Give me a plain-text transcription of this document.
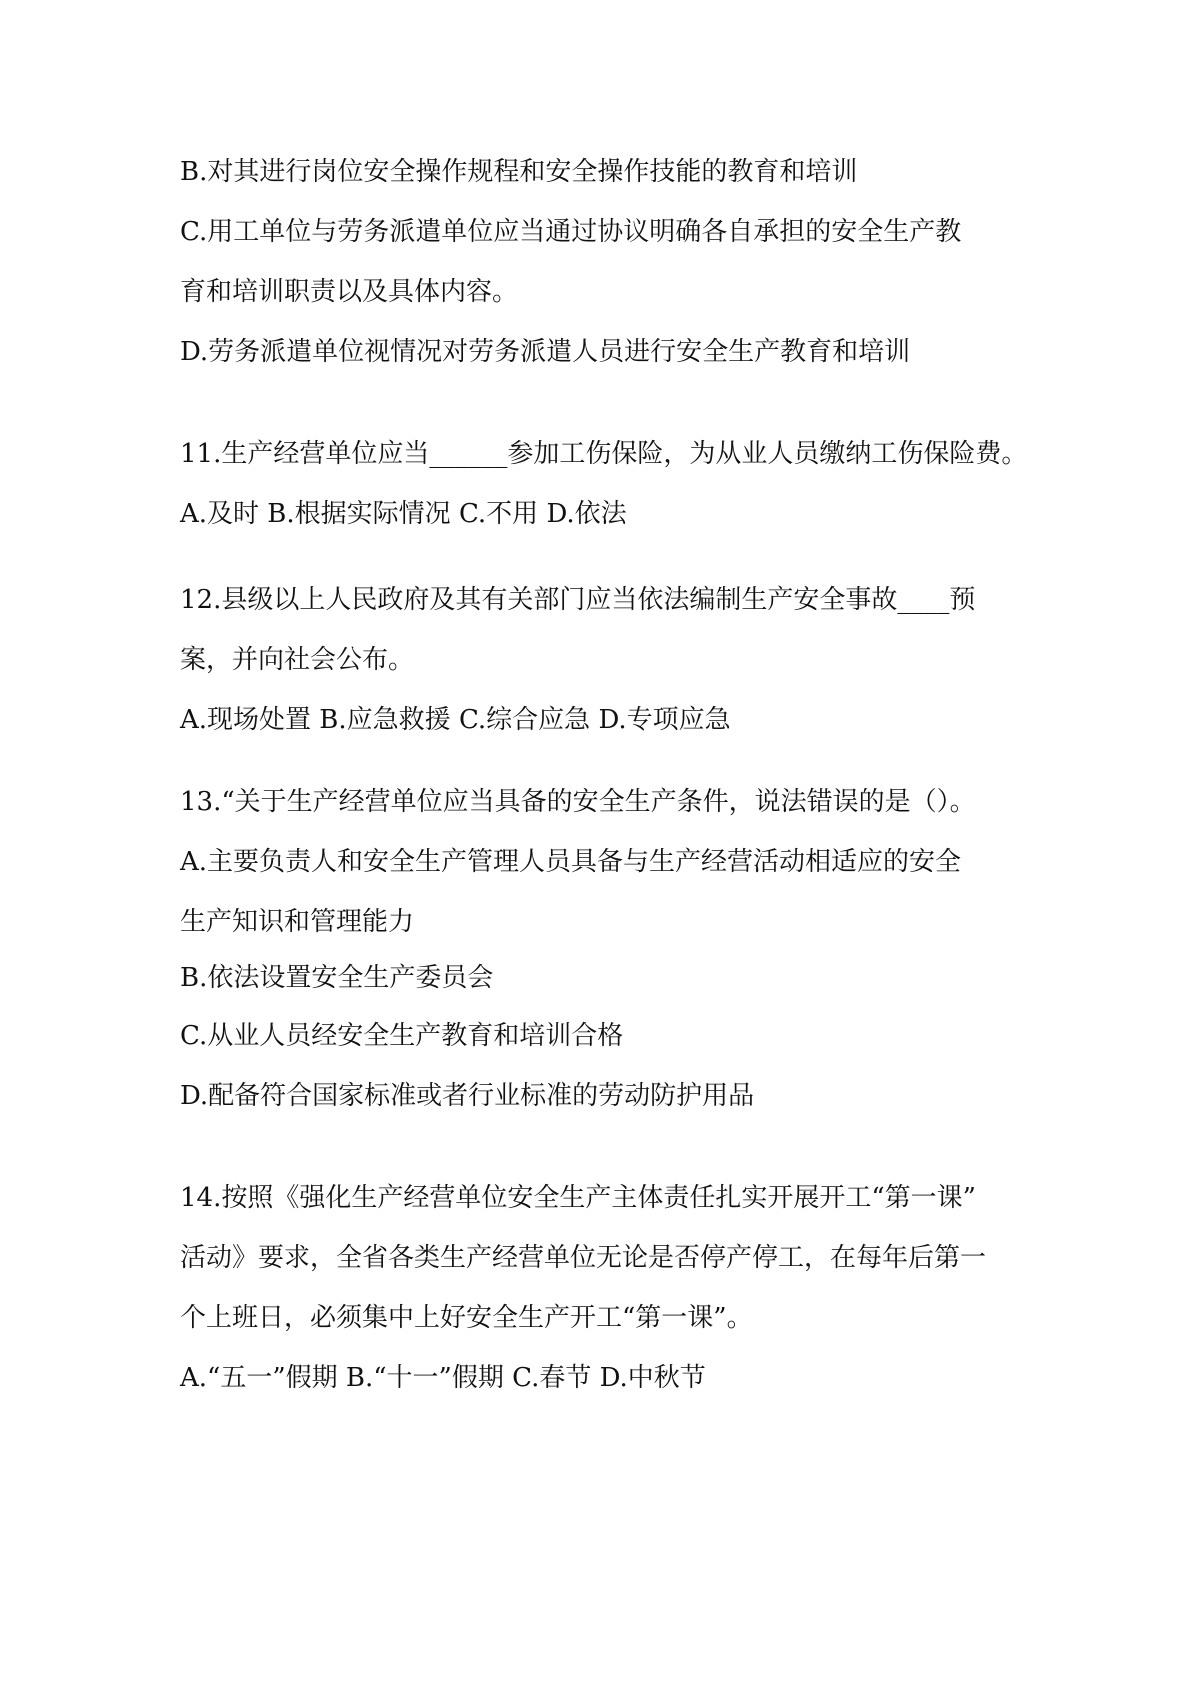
B.对其进行岗位安全操作规程和安全操作技能的教育和培训
C.用工单位与劳务派遣单位应当通过协议明确各自承担的安全生产教
育和培训职责以及具体内容。
D.劳务派遣单位视情况对劳务派遣人员进行安全生产教育和培训
11.生产经营单位应当______参加工伤保险，为从业人员缴纳工伤保险费。
A.及时 B.根据实际情况 C.不用 D.依法
12.县级以上人民政府及其有关部门应当依法编制生产安全事故____预
案，并向社会公布。
A.现场处置 B.应急救援 C.综合应急 D.专项应急
13.“关于生产经营单位应当具备的安全生产条件，说法错误的是（）。
A.主要负责人和安全生产管理人员具备与生产经营活动相适应的安全
生产知识和管理能力
B.依法设置安全生产委员会
C.从业人员经安全生产教育和培训合格
D.配备符合国家标准或者行业标准的劳动防护用品
14.按照《强化生产经营单位安全生产主体责任扎实开展开工“第一课”
活动》要求，全省各类生产经营单位无论是否停产停工，在每年后第一
个上班日，必须集中上好安全生产开工“第一课”。
A.“五一”假期 B.“十一”假期 C.春节 D.中秋节
